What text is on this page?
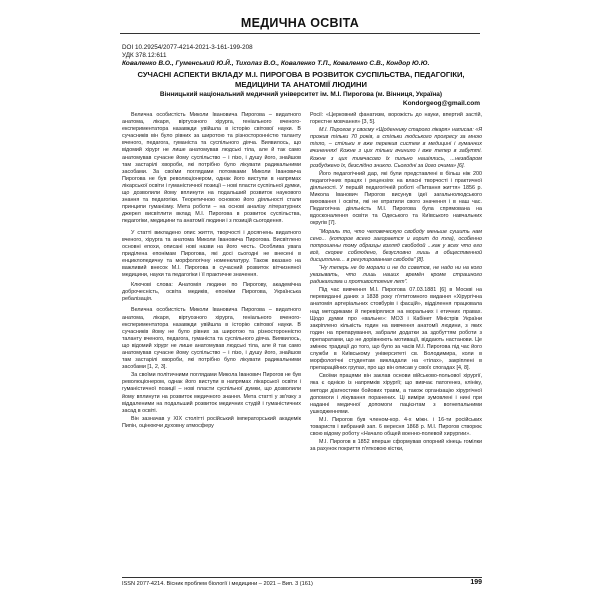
МЕДИЧНА ОСВІТА
DOI 10.29254/2077-4214-2021-3-161-199-208
УДК 378.12:611
Коваленко В.О., Гуменський Ю.Й., Тихолаз В.О., Коваленко Т.П., Коваленко С.В., Кондор Ю.Ю.
СУЧАСНІ АСПЕКТИ ВКЛАДУ М.І. ПИРОГОВА В РОЗВИТОК СУСПІЛЬСТВА, ПЕДАГОГІКИ, МЕДИЦИНИ ТА АНАТОМІЇ ЛЮДИНИ
Вінницький національний медичний університет ім. М.І. Пирогова (м. Вінниця, Україна)
Kondorgeog@gmail.com

Велична особистість Миколи Івановича Пирогова – видатного анатома, лікаря, віртуозного хірурга, геніального вченого-експериментатора назавжди увійшла в історію світової науки. В сучасників він було рівних за широтою та різносторонністю таланту вченого, педагога, гуманіста та суспільного діяча. Виявилось, що відомий хірург не лише анатомував людські тіла, але й так само анатомував сучасне йому суспільство – і пізо, і душу його, знайшов там застарілі хвороби, які потрібно було лікувати радикальними засобами. За своїми поглядами потомками Миколи Івановича Пирогова не був революціонером, однак його виступи в напрямах лікарської освіти і гуманістичної позиції – нові пласти суспільної думки, що дозволили йому вплинути на подальший розвиток наукового знання та педагогіки. Теоретичною основою його діяльності стали принципи гуманізму. Мета роботи – на основі аналізу літературних джерел висвітлити вклад М.І. Пирогова в розвиток суспільства, педагогіки, медицини та анатомії людини і з позицій сьогодення.

У статті викладено опис життя, творчості і досягнень видатного вченого, хірурга та анатома Миколи Івановича Пирогова. Висвітлено основні епохи, описані нові назви на його честь. Особлива увага приділена епонімам Пирогова, які досі сьогодні не внесені в енциклопедичну та морфологічну номенклатуру. Також вказано на важливий внесок М.І. Пирогова в сучасний розвиток вітчизняної медицини, науки та педагогіки і її практичне значення.

Ключові слова: Анатомія людини по Пирогову, академічна доброчесність, освіта медиків, епоніми Пирогова, Українська ребалізація.

Велична особистість Миколи Івановича Пирогова – видатного анатома, лікаря, віртуозного хірурга, геніального вченого-експериментатора назавжди увійшла в історію світової науки. В сучасників йому не було рівних за широтою та різносторонністю таланту вченого, педагога, гуманіста та суспільного діяча. Виявилось, що відомий хірург не лише анатомував людські тіла, але й так само анатомував сучасне йому суспільство – і пізо, і душу його, знайшов там застарілі хвороби, які потрібно було лікувати радикальними засобами [1, 2, 3].

За своїми політичними поглядами Микола Іванович Пирогов не був революціонером, однак його виступи в напрямах лікарської освіти і гуманістичної позиції – нові пласти суспільної думки, що дозволили йому вплинути на розвиток медичного знання. Мета статті у зв'язку з віддаленими на подальший розвиток медичних студій і гуманістичних засад в освіті.

Він зазначав у XIX столітті російський імператорський академік Пипін, оцінюючи духовну атмосферу

Росії: «Церковний фанатизм, ворожість до науки, впертий застій, горестне мовчання» [3, 5].

М.І. Пирогов у своєму «Щоденнику старого лікаря» написав: «Я прожив тільки 70 років, а стільки людського прогресу за мною тіхло, – стільки я вже пережив систем в медицині і гуманних вчиненнях! Кожне з цих тільки вчинило і вже тепер в забутті. Кожне з цих тимчасово їх пильно нашіялись, ...незабаром розбуджено їх, безслідно зникло. Сьогодні за його очима» [6].

Його педагогічний дар, які були представлені в більш ніж 200 педагогічних працях і рецензіях на власні творчості і практичної діяльності. У першій педагогічній роботі «Питання життя» 1856 р. Микола Іванович Пирогов висунув ідеї загальнолюдського виховання і освіти, які не втратили свого значення і в наш час. Педагогічна діяльність М.І. Пирогова була спрямована на вдосконалення освіти та Одеського та Київського навчальних округів [7].

“Мораль то, что человеческую свободу меньше сушить нам сено... (которое всего загорается и горит до тла), особенно потрошены тому образцы взгляд свободой ...как у всех что его всё, скорее соблюдено, безусловно лишь в общественной дисциплина… в регулированная свобода” [8].

“Ну теперь не до морали и не до советов, не надо ни на кого указывать, что лишь наших времён кроме страшного радикализма и противостояния лет”.

Під час вивчення М.І. Пирогова 07.03.1881 [6] в Москві на перевиданні даних з 1838 року п'ятитомного видання «Хірургічна анатомія артеріальних стовбурів і фасцій», відділення працювала над методиками й перевірялися на моральних і етичних правах. Щодо думки про «вальне»: МОЗ і Кабінет Міністрів України закріплено кількість годин на вивчення анатомії людини, з яких годин на препарування, забрали додатки за здобуттям роботи з препаратами, що не дорівнюють мотивації, віддають настанови. Це змінює традиції до того, що було за часів М.І. Пирогова під час його служби в Київському університеті св. Володимира, коли в морфологічні студентам викладали на «тілах», закріплені в препараційних групах, про що він описав у своїх спогадах [4, 8].

Своїми працями він заклав основи військово-польової хірургії, яка є однією із напрямків хірургії; що вивчає патогенез, клініку, методи діагностики бойових травм, а також організацію хірургічної допомоги і лікування поранених. Ці виміри зумовлені і нині при наданні медичної допомоги пацієнтам з вогнепальними ушкодженнями.

М.І. Пирогов був членом-кор. 4-х міжн. і 16-ти російських товариств і вибраний зап. 6 вересня 1868 р. М.І. Пирогов створює свою відому роботу «Начало общей военно-полевой хирургии».

М.І. Пирогов в 1852 вперше сформував опорний кінець гомілки за рахунок покриття п'ятковою кістки,

ISSN 2077-4214. Вісник проблем біології і медицини – 2021 – Вип. 3 (161)	199
